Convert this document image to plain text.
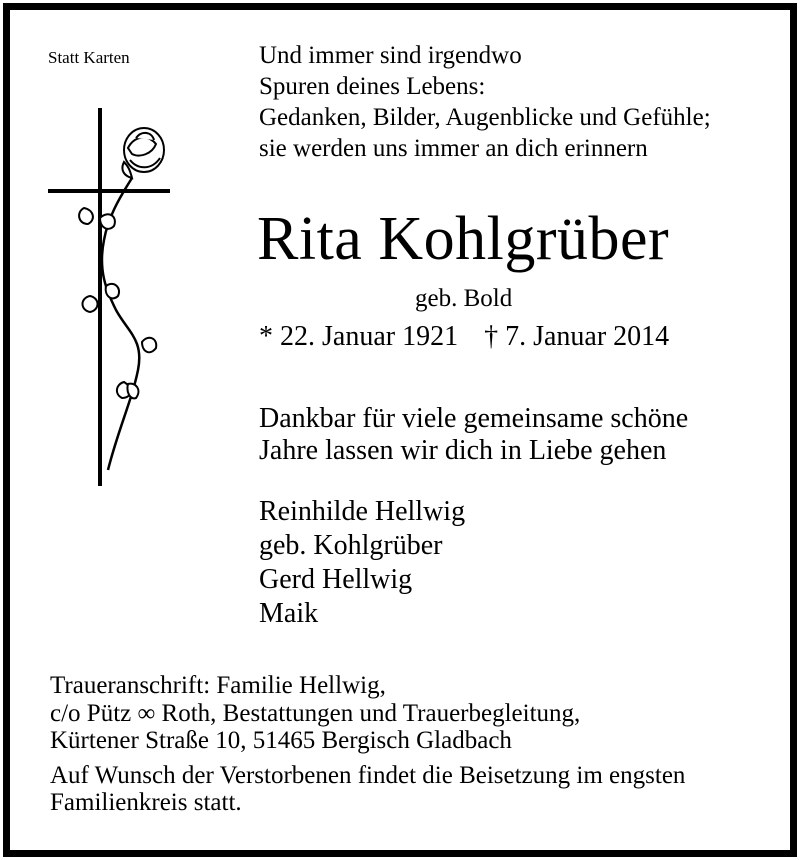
Statt Karten	Und immer sind irgendwo
Spuren deines Lebens:
Gedanken, Bilder, Augenblicke und Gefühle;
sie werden uns immer an dich erinnern
Rita Kohlgrüber
geb. Bold
* 22. Januar 1921 † 7. Januar 2014
Dankbar für viele gemeinsame schöne
Jahre lassen wir dich in Liebe gehen
Reinhilde Hellwig
geb. Kohlgrüber
Gerd Hellwig
Maik
Traueranschrift: Familie Hellwig,
c/o Pütz ∞ Roth, Bestattungen und Trauerbegleitung,
Kürtener Straße 10, 51465 Bergisch Gladbach
Auf Wunsch der Verstorbenen findet die Beisetzung im engsten
Familienkreis statt.
